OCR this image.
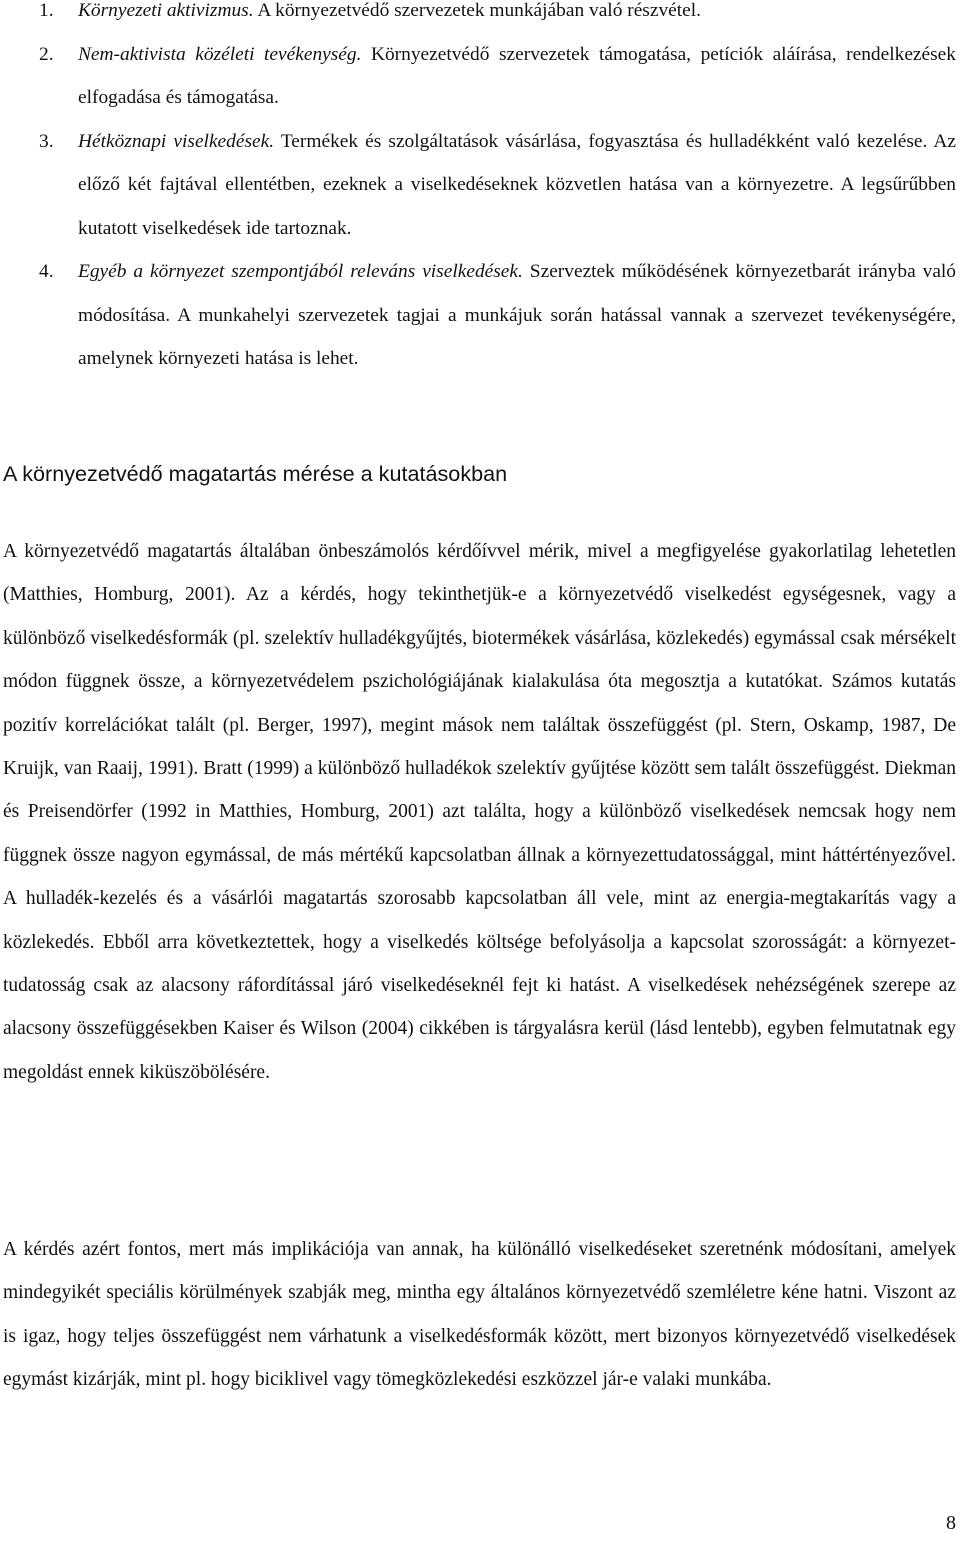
1. Környezeti aktivizmus. A környezetvédő szervezetek munkájában való részvétel.
2. Nem-aktivista közéleti tevékenység. Környezetvédő szervezetek támogatása, petíciók aláírása, rendelkezések elfogadása és támogatása.
3. Hétköznapi viselkedések. Termékek és szolgáltatások vásárlása, fogyasztása és hulladékként való kezelése. Az előző két fajtával ellentétben, ezeknek a viselkedéseknek közvetlen hatása van a környezetre. A legsűrűbben kutatott viselkedések ide tartoznak.
4. Egyéb a környezet szempontjából releváns viselkedések. Szerveztek működésének környezetbarát irányba való módosítása. A munkahelyi szervezetek tagjai a munkájuk során hatással vannak a szervezet tevékenységére, amelynek környezeti hatása is lehet.
A környezetvédő magatartás mérése a kutatásokban

A környezetvédő magatartás általában önbeszámolós kérdőívvel mérik, mivel a megfigyelése gyakorlatilag lehetetlen (Matthies, Homburg, 2001). Az a kérdés, hogy tekinthetjük-e a környezetvédő viselkedést egységesnek, vagy a különböző viselkedésformák (pl. szelektív hulladékgyűjtés, biotermékek vásárlása, közlekedés) egymással csak mérsékelt módon függnek össze, a környezetvédelem pszichológiájának kialakulása óta megosztja a kutatókat. Számos kutatás pozitív korrelációkat talált (pl. Berger, 1997), megint mások nem találtak összefüggést (pl. Stern, Oskamp, 1987, De Kruijk, van Raaij, 1991). Bratt (1999) a különböző hulladékok szelektív gyűjtése között sem talált összefüggést. Diekman és Preisendörfer (1992 in Matthies, Homburg, 2001) azt találta, hogy a különböző viselkedések nemcsak hogy nem függnek össze nagyon egymással, de más mértékű kapcsolatban állnak a környezettudatossággal, mint háttértényezővel. A hulladék-kezelés és a vásárlói magatartás szorosabb kapcsolatban áll vele, mint az energia-megtakarítás vagy a közlekedés. Ebből arra következtettek, hogy a viselkedés költsége befolyásolja a kapcsolat szorosságát: a környezettudatosság csak az alacsony ráfordítással járó viselkedéseknél fejt ki hatást. A viselkedések nehézségének szerepe az alacsony összefüggésekben Kaiser és Wilson (2004) cikkében is tárgyalásra kerül (lásd lentebb), egyben felmutatnak egy megoldást ennek kiküszöbölésére.

A kérdés azért fontos, mert más implikációja van annak, ha különálló viselkedéseket szeretnénk módosítani, amelyek mindegyikét speciális körülmények szabják meg, mintha egy általános környezetvédő szemléletre kéne hatni. Viszont az is igaz, hogy teljes összefüggést nem várhatunk a viselkedésformák között, mert bizonyos környezetvédő viselkedések egymást kizárják, mint pl. hogy biciklivel vagy tömegközlekedési eszközzel jár-e valaki munkába.

8
